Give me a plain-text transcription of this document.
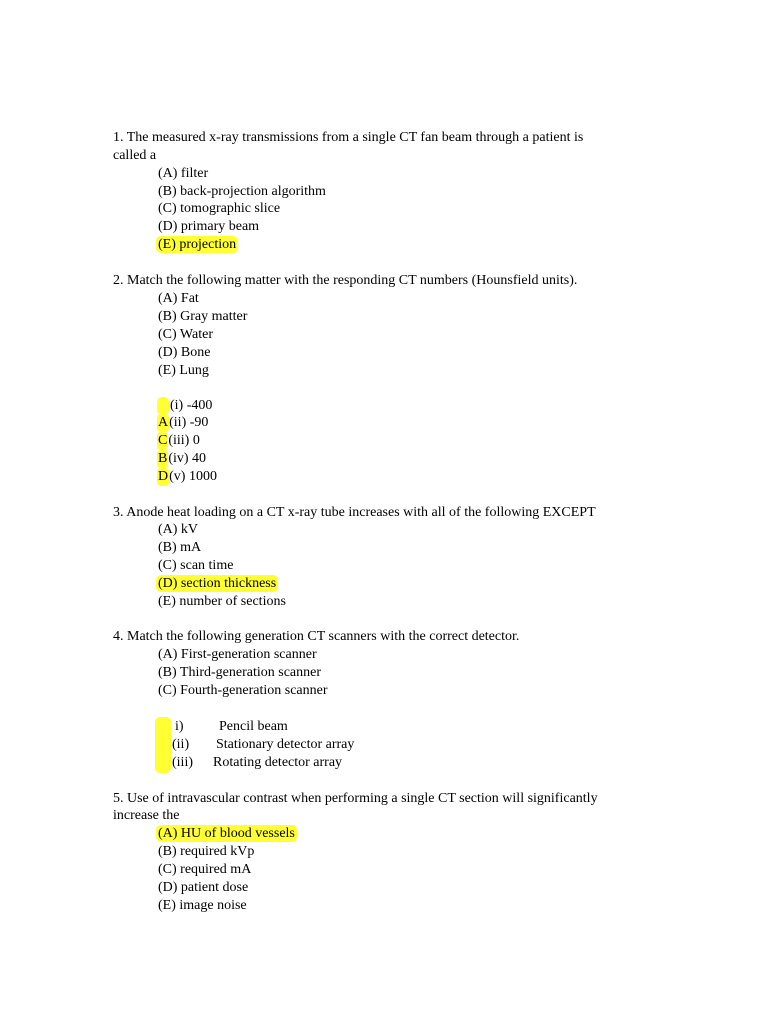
1. The measured x-ray transmissions from a single CT fan beam through a patient is
called a
(A) filter
(B) back-projection algorithm
(C) tomographic slice
(D) primary beam
(E) projection
2. Match the following matter with the responding CT numbers (Hounsfield units).
(A) Fat
(B) Gray matter
(C) Water
(D) Bone
(E) Lung
(i) -400
A(ii) -90
C(iii) 0
B(iv) 40
D(v) 1000
3. Anode heat loading on a CT x-ray tube increases with all of the following EXCEPT
(A) kV
(B) mA
(C) scan time
(D) section thickness
(E) number of sections
4. Match the following generation CT scanners with the correct detector.
(A) First-generation scanner
(B) Third-generation scanner
(C) Fourth-generation scanner
i)	Pencil beam
(ii) Stationary detector array
(iii) Rotating detector array
5. Use of intravascular contrast when performing a single CT section will significantly
increase the
(A) HU of blood vessels
(B) required kVp
(C) required mA
(D) patient dose
(E) image noise
